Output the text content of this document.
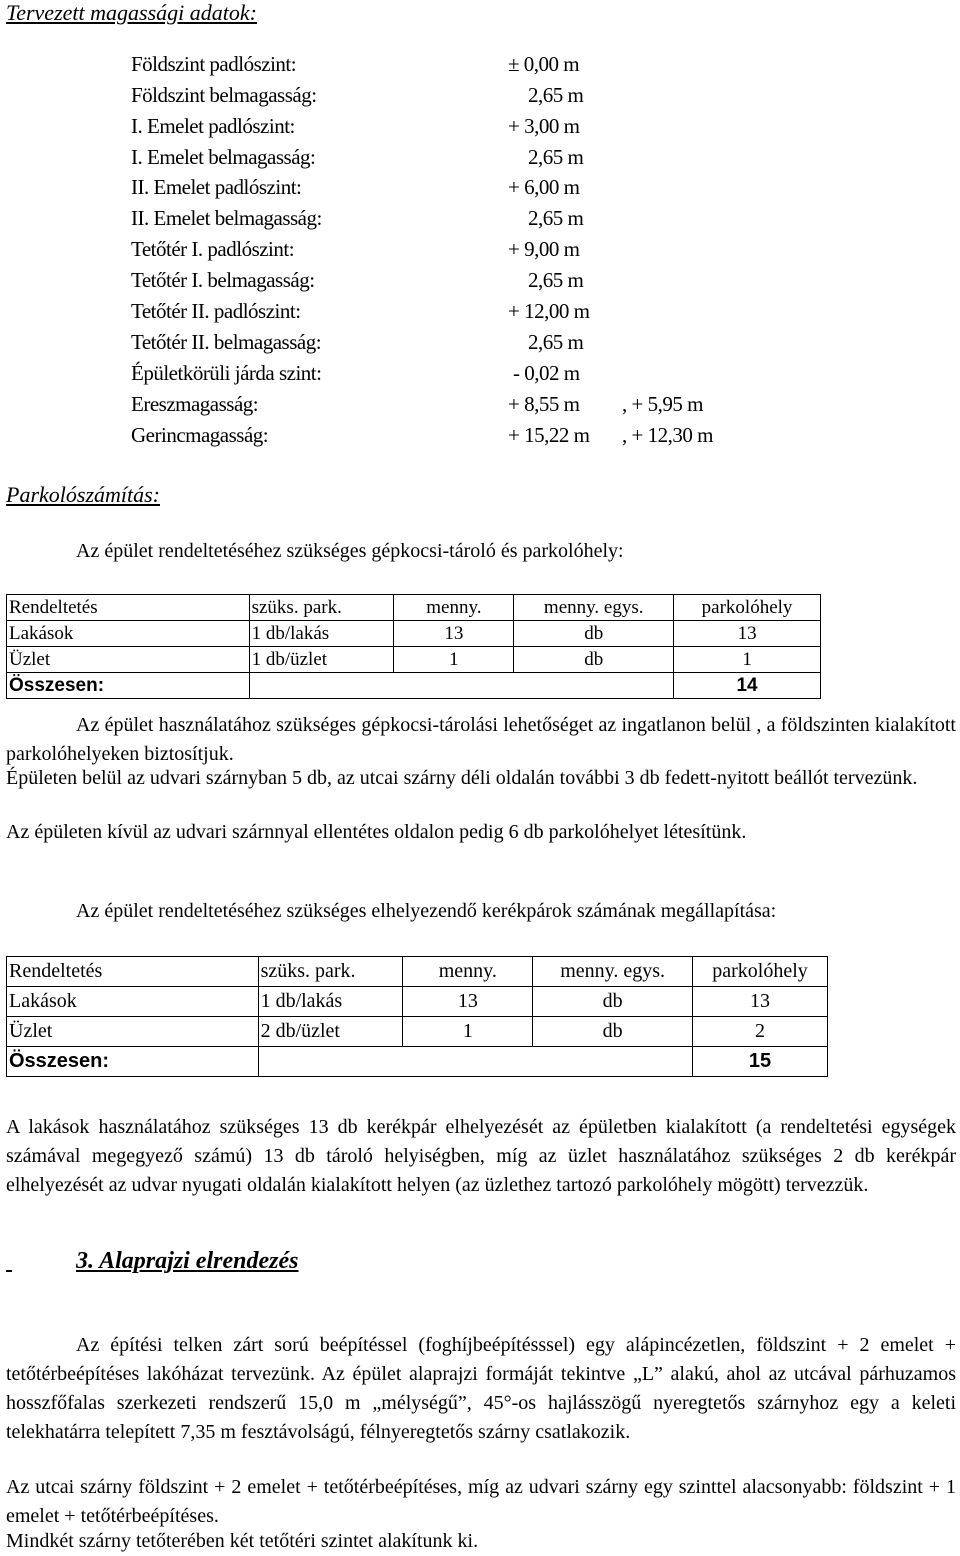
Tervezett magassági adatok:
Földszint padlószint:	± 0,00 m
Földszint belmagasság:	2,65 m
I. Emelet padlószint:	+ 3,00 m
I. Emelet belmagasság:	2,65 m
II. Emelet padlószint:	+ 6,00 m
II. Emelet belmagasság:	2,65 m
Tetőtér I. padlószint:	+ 9,00 m
Tetőtér I. belmagasság:	2,65 m
Tetőtér II. padlószint:	+ 12,00 m
Tetőtér II. belmagasság:	2,65 m
Épületkörüli járda szint:	- 0,02 m
Ereszmagasság:	+ 8,55 m , + 5,95 m
Gerincmagasság:	+ 15,22 m , + 12,30 m
Parkolószámítás:
Az épület rendeltetéséhez szükséges gépkocsi-tároló és parkolóhely:
Rendeltetés	szüks. park.	menny.	menny. egys.	parkolóhely
Lakások	1 db/lakás	13	db	13
Üzlet	1 db/üzlet	1	db	1
Összesen:				14
Az épület használatához szükséges gépkocsi-tárolási lehetőséget az ingatlanon belül , a földszinten kialakított parkolóhelyeken biztosítjuk.
Épületen belül az udvari szárnyban 5 db, az utcai szárny déli oldalán további 3 db fedett-nyitott beállót tervezünk.
Az épületen kívül az udvari szárnnyal ellentétes oldalon pedig 6 db parkolóhelyet létesítünk.
Az épület rendeltetéséhez szükséges elhelyezendő kerékpárok számának megállapítása:
Rendeltetés	szüks. park.	menny.	menny. egys.	parkolóhely
Lakások	1 db/lakás	13	db	13
Üzlet	2 db/üzlet	1	db	2
Összesen:				15
A lakások használatához szükséges 13 db kerékpár elhelyezését az épületben kialakított (a rendeltetési egységek számával megegyező számú) 13 db tároló helyiségben, míg az üzlet használatához szükséges 2 db kerékpár elhelyezését az udvar nyugati oldalán kialakított helyen (az üzlethez tartozó parkolóhely mögött) tervezzük.
3. Alaprajzi elrendezés
Az építési telken zárt sorú beépítéssel (foghíjbeépítésssel) egy alápincézetlen, földszint + 2 emelet + tetőtérbeépítéses lakóházat tervezünk. Az épület alaprajzi formáját tekintve „L” alakú, ahol az utcával párhuzamos hosszfőfalas szerkezeti rendszerű 15,0 m „mélységű”, 45°-os hajlásszögű nyeregtetős szárnyhoz egy a keleti telekhatárra telepített 7,35 m fesztávolságú, félnyeregtetős szárny csatlakozik.
Az utcai szárny földszint + 2 emelet + tetőtérbeépítéses, míg az udvari szárny egy szinttel alacsonyabb: földszint + 1 emelet + tetőtérbeépítéses.
Mindkét szárny tetőterében két tetőtéri szintet alakítunk ki.
